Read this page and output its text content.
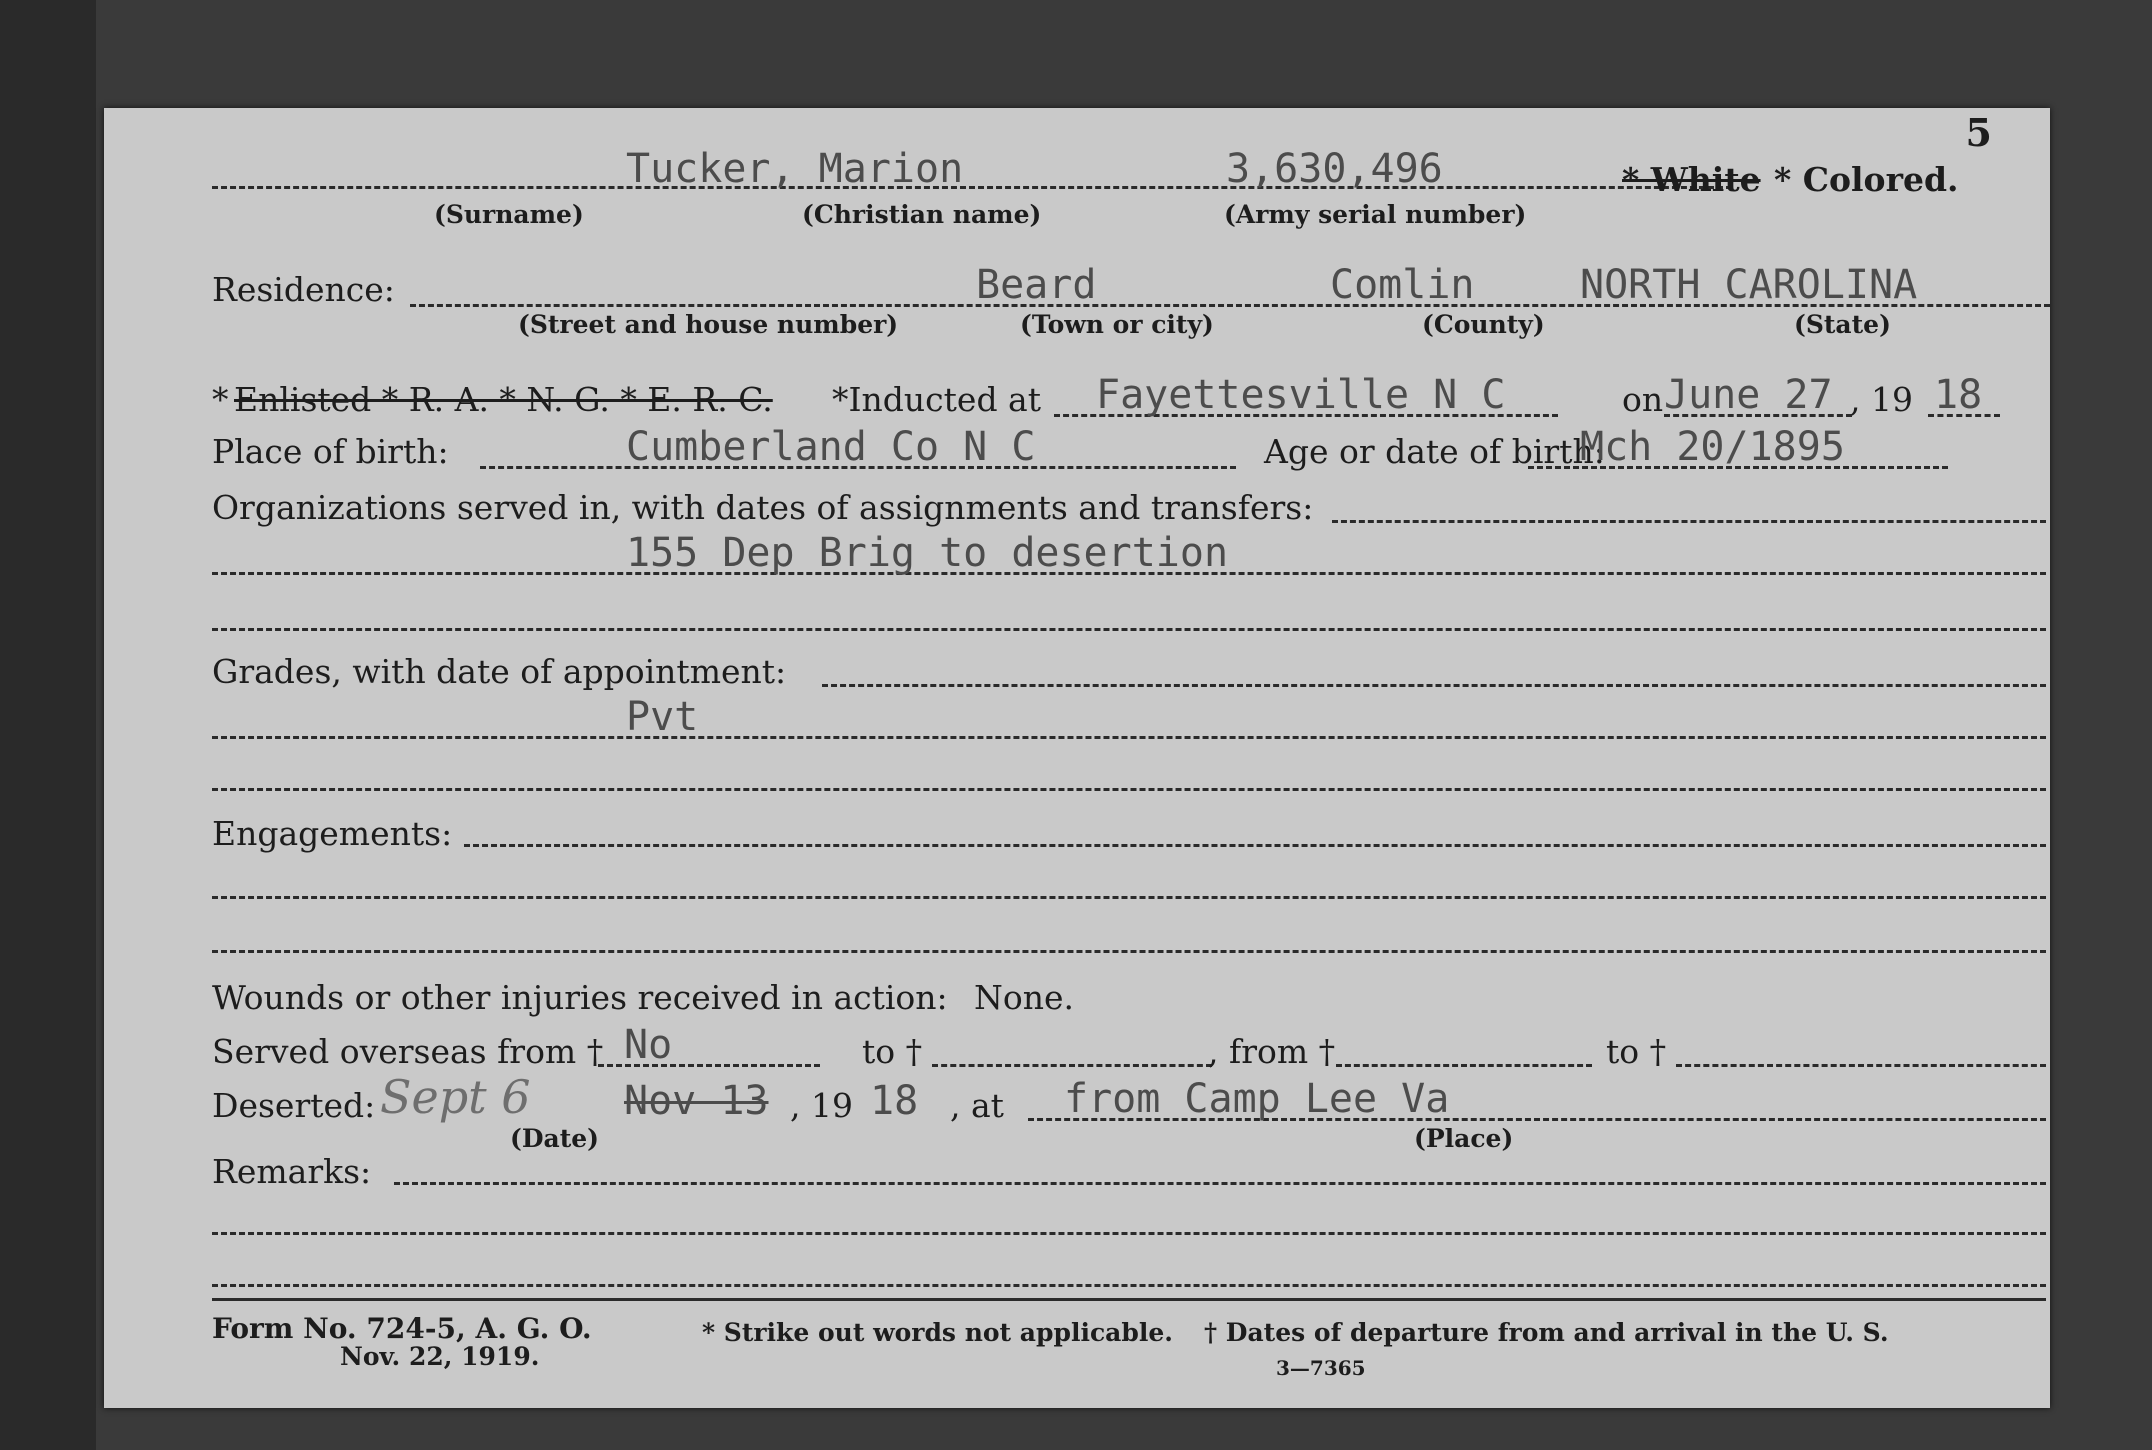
5
Tucker, Marion	3,630,496	* White * Colored.
(Surname)	(Christian name)	(Army serial number)
Residence:	Beard	Comlin	NORTH CAROLINA
(Street and house number)	(Town or city)	(County)	(State)
* Enlisted * R. A. * N. G. * E. R. C. *Inducted at Fayettesville N C	on June 27 , 19 18
Place of birth:	Cumberland Co N C	Age or date of birth:
Mch 20/1895
Organizations served in, with dates of assignments and transfers:
155 Dep Brig to desertion
Grades, with date of appointment:
Pvt
Engagements:
Wounds or other injuries received in action: None.
Served overseas from † No	to †	, from †	to †
Deserted: Sept 6 Nov 13 , 19 18 , at from Camp Lee Va
(Date)	(Place)
Remarks:
Form No. 724-5, A. G. O.
Nov. 22, 1919.
* Strike out words not applicable. † Dates of departure from and arrival in the U. S.
3—7365
